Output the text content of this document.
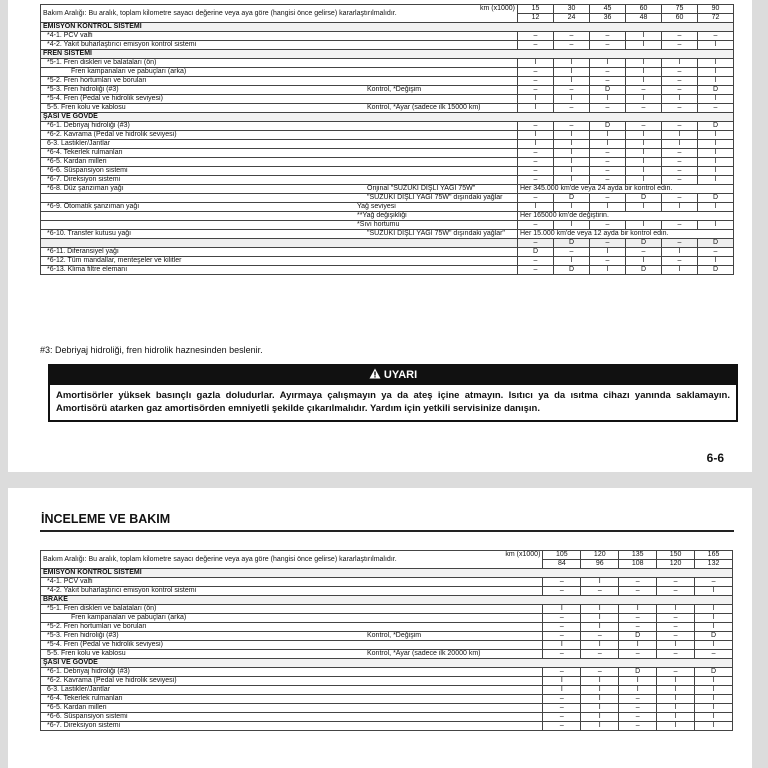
Bakım Aralığı: Bu aralık, toplam kilometre sayacı değerine veya aya göre (hangisi önce gelirse) kararlaştırılmalıdır.
km (x1000)	15	30	45	60	75	90
	12	24	36	48	60	72
EMİSYON KONTROL SİSTEMİ						
*4-1. PCV valfi	–	–	–	I	–	–
*4-2. Yakıt buharlaştırıcı emisyon kontrol sistemi	–	–	–	I	–	I
FREN SİSTEMİ						
*5-1. Fren diskleri ve balataları (ön)	I	I	I	I	I	I
Fren kampanaları ve pabuçları (arka)	–	I	–	I	–	I
*5-2. Fren hortumları ve boruları	–	I	–	I	–	I
*5-3. Fren hidroliği (#3) Kontrol, *Değişim	–	–	D	–	–	D
*5-4. Fren (Pedal ve hidrolik seviyesi)	I	I	I	I	I	I
5-5. Fren kolu ve kablosu Kontrol, *Ayar (sadece ilk 15000 km)	I	–	–	–	–	–
ŞASİ VE GÖVDE						
*6-1. Debriyaj hidroliği (#3)	–	–	D	–	–	D
*6-2. Kavrama (Pedal ve hidrolik seviyesi)	I	I	I	I	I	I
6-3. Lastikler/Jantlar	I	I	I	I	I	I
*6-4. Tekerlek rulmanları	–	I	–	I	–	I
*6-5. Kardan milleri	–	I	–	I	–	I
*6-6. Süspansiyon sistemi	–	I	–	I	–	I
*6-7. Direksiyon sistemi	–	I	–	I	–	I
*6-8. Düz şanzıman yağı Orijinal "SUZUKI DİŞLİ YAĞI 75W"	Her 345.000 km'de veya 24 ayda bir kontrol edin.					

"SUZUKI DİŞLİ YAĞI 75W" dışındaki yağlar	–	D	–	D	–	D
*6-9. Otomatik şanzıman yağı Yağ seviyesi	I	I	I	I	I	I

**Yağ değişikliği	Her 165000 km'de değiştirin.					

*Sıvı hortumu	–	I	–	I	–	I
*6-10. Transfer kutusu yağı "SUZUKI DİŞLİ YAĞI 75W" dışındaki yağlar"	Her 15.000 km'de veya 12 ayda bir kontrol edin.					
	–	D	–	D	–	D
*6-11. Diferansiyel yağı	D	–	I	–	I	–
*6-12. Tüm mandallar, menteşeler ve kilitler	–	I	–	I	–	I
*6-13. Klima filtre elemanı	–	D	I	D	I	D
#3: Debriyaj hidroliği, fren hidrolik haznesinden beslenir.
UYARI
Amortisörler yüksek basınçlı gazla doludurlar. Ayırmaya çalışmayın ya da ateş içine atmayın. Isıtıcı ya da ısıtma cihazı yanında saklamayın. Amortisörü atarken gaz amortisörden emniyetli şekilde çıkarılmalıdır. Yardım için yetkili servisinize danışın.
6-6
İNCELEME VE BAKIM
Bakım Aralığı: Bu aralık, toplam kilometre sayacı değerine veya aya göre (hangisi önce gelirse) kararlaştırılmalıdır.
km (x1000)	105	120	135	150	165
	84	96	108	120	132
EMİSYON KONTROL SİSTEMİ					
*4-1. PCV valfi	–	I	–	–	–
*4-2. Yakıt buharlaştırıcı emisyon kontrol sistemi	–	–	–	–	I
BRAKE					
*5-1. Fren diskleri ve balataları (ön)	I	I	I	I	I
Fren kampanaları ve pabuçları (arka)	–	I	–	–	I
*5-2. Fren hortumları ve boruları	–	I	–	–	I
*5-3. Fren hidroliği (#3) Kontrol, *Değişim	–	–	D	–	D
*5-4. Fren (Pedal ve hidrolik seviyesi)	I	I	I	I	I
5-5. Fren kolu ve kablosu Kontrol, *Ayar (sadece ilk 20000 km)	–	–	–	–	–
ŞASİ VE GÖVDE					
*6-1. Debriyaj hidroliği (#3)	–	–	D	–	D
*6-2. Kavrama (Pedal ve hidrolik seviyesi)	I	I	I	I	I
6-3. Lastikler/Jantlar	I	I	I	I	I
*6-4. Tekerlek rulmanları	–	I	–	I	I
*6-5. Kardan milleri	–	I	–	I	I
*6-6. Süspansiyon sistemi	–	I	–	I	I
*6-7. Direksiyon sistemi	–	I	–	I	I
